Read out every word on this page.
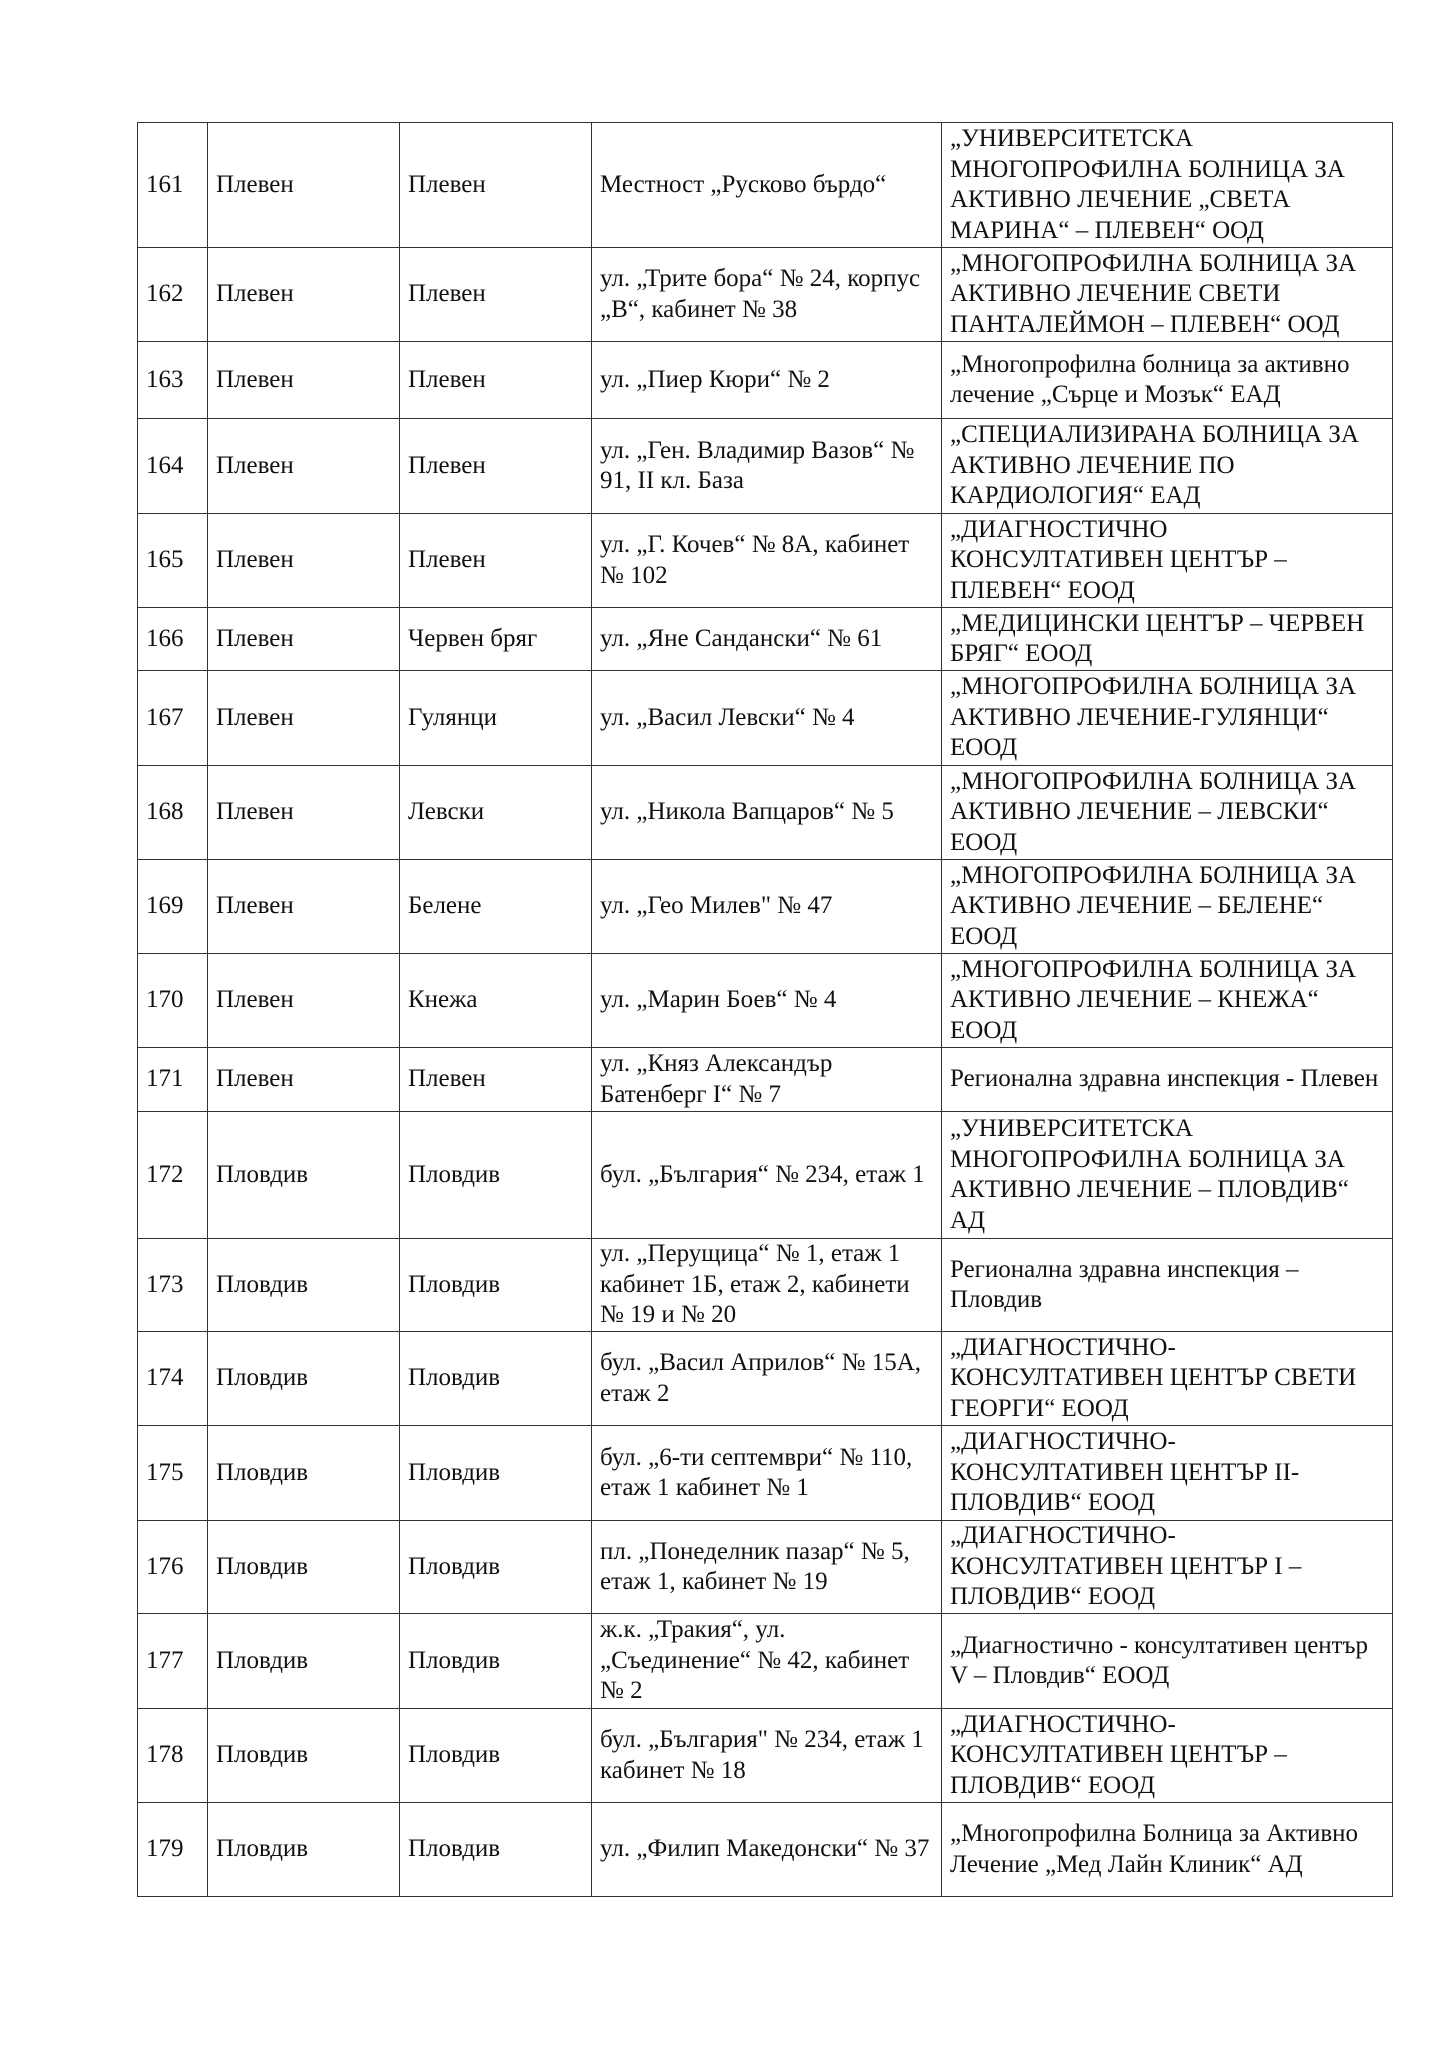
161	Плевен	Плевен	Местност „Русково бърдо“	„УНИВЕРСИТЕТСКА МНОГОПРОФИЛНА БОЛНИЦА ЗА АКТИВНО ЛЕЧЕНИЕ „СВЕТА МАРИНА“ – ПЛЕВЕН“ ООД
162	Плевен	Плевен	ул. „Трите бора“ № 24, корпус „В“, кабинет № 38	„МНОГОПРОФИЛНА БОЛНИЦА ЗА АКТИВНО ЛЕЧЕНИЕ СВЕТИ ПАНТАЛЕЙМОН – ПЛЕВЕН“ ООД
163	Плевен	Плевен	ул. „Пиер Кюри“ № 2	„Многопрофилна болница за активно лечение „Сърце и Мозък“ ЕАД
164	Плевен	Плевен	ул. „Ген. Владимир Вазов“ № 91, II кл. База	„СПЕЦИАЛИЗИРАНА БОЛНИЦА ЗА АКТИВНО ЛЕЧЕНИЕ ПО КАРДИОЛОГИЯ“ ЕАД
165	Плевен	Плевен	ул. „Г. Кочев“ № 8А, кабинет № 102	„ДИАГНОСТИЧНО КОНСУЛТАТИВЕН ЦЕНТЪР – ПЛЕВЕН“ ЕООД
166	Плевен	Червен бряг	ул. „Яне Сандански“ № 61	„МЕДИЦИНСКИ ЦЕНТЪР – ЧЕРВЕН БРЯГ“ ЕООД
167	Плевен	Гулянци	ул. „Васил Левски“ № 4	„МНОГОПРОФИЛНА БОЛНИЦА ЗА АКТИВНО ЛЕЧЕНИЕ-ГУЛЯНЦИ“ ЕООД
168	Плевен	Левски	ул. „Никола Вапцаров“ № 5	„МНОГОПРОФИЛНА БОЛНИЦА ЗА АКТИВНО ЛЕЧЕНИЕ – ЛЕВСКИ“ ЕООД
169	Плевен	Белене	ул. „Гео Милев" № 47	„МНОГОПРОФИЛНА БОЛНИЦА ЗА АКТИВНО ЛЕЧЕНИЕ – БЕЛЕНЕ“ ЕООД
170	Плевен	Кнежа	ул. „Марин Боев“ № 4	„МНОГОПРОФИЛНА БОЛНИЦА ЗА АКТИВНО ЛЕЧЕНИЕ – КНЕЖА“ ЕООД
171	Плевен	Плевен	ул. „Княз Александър Батенберг I“ № 7	Регионална здравна инспекция - Плевен
172	Пловдив	Пловдив	бул. „България“ № 234, етаж 1	„УНИВЕРСИТЕТСКА МНОГОПРОФИЛНА БОЛНИЦА ЗА АКТИВНО ЛЕЧЕНИЕ – ПЛОВДИВ“ АД
173	Пловдив	Пловдив	ул. „Перущица“ № 1, етаж 1 кабинет 1Б, етаж 2, кабинети № 19 и № 20	Регионална здравна инспекция – Пловдив
174	Пловдив	Пловдив	бул. „Васил Априлов“ № 15А, етаж 2	„ДИАГНОСТИЧНО-КОНСУЛТАТИВЕН ЦЕНТЪР СВЕТИ ГЕОРГИ“ ЕООД
175	Пловдив	Пловдив	бул. „6-ти септември“ № 110, етаж 1 кабинет № 1	„ДИАГНОСТИЧНО-КОНСУЛТАТИВЕН ЦЕНТЪР II-ПЛОВДИВ“ ЕООД
176	Пловдив	Пловдив	пл. „Понеделник пазар“ № 5, етаж 1, кабинет № 19	„ДИАГНОСТИЧНО-КОНСУЛТАТИВЕН ЦЕНТЪР I – ПЛОВДИВ“ ЕООД
177	Пловдив	Пловдив	ж.к. „Тракия“, ул. „Съединение“ № 42, кабинет № 2	„Диагностично - консултативен център V – Пловдив“ ЕООД
178	Пловдив	Пловдив	бул. „България" № 234, етаж 1 кабинет № 18	„ДИАГНОСТИЧНО-КОНСУЛТАТИВЕН ЦЕНТЪР – ПЛОВДИВ“ ЕООД
179	Пловдив	Пловдив	ул. „Филип Македонски“ № 37	„Многопрофилна Болница за Активно Лечение „Мед Лайн Клиник“ АД
